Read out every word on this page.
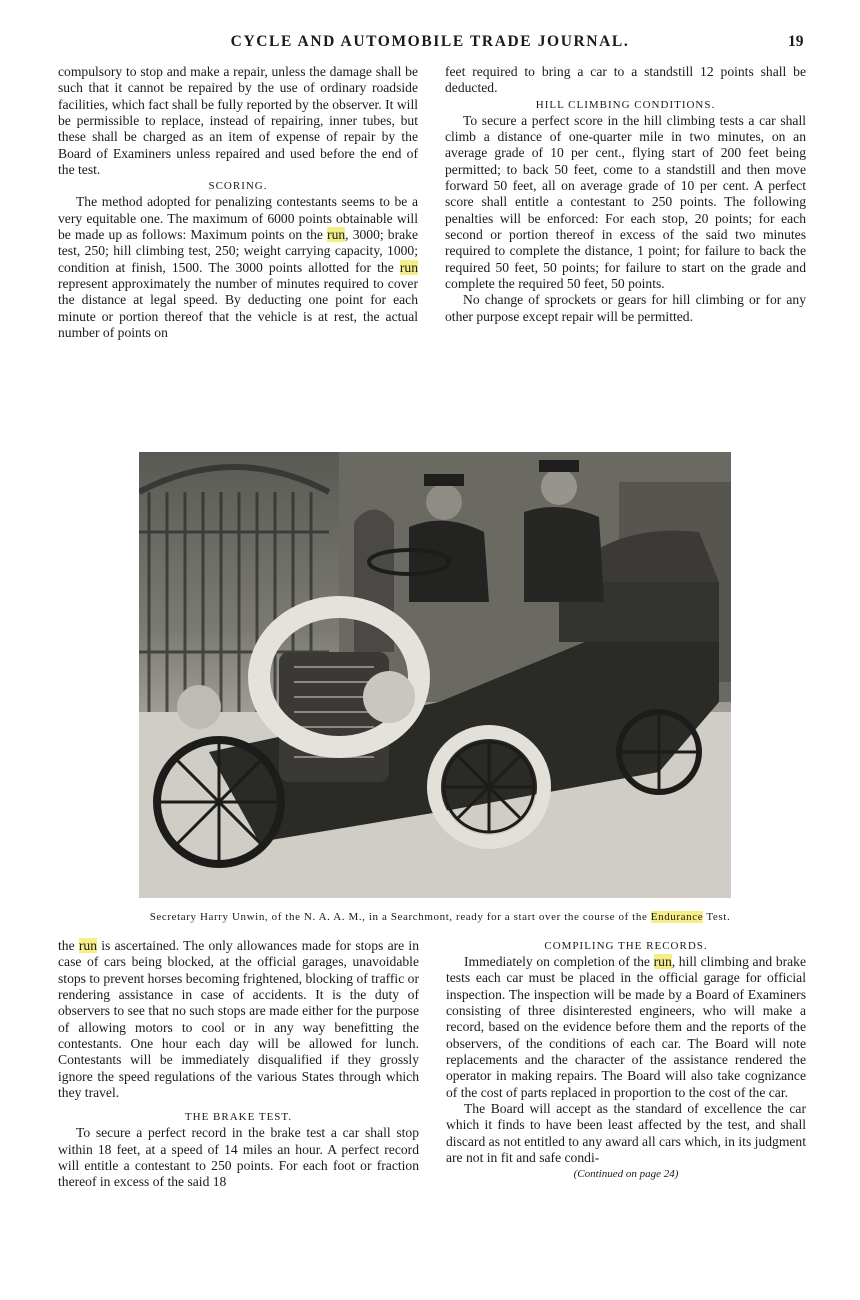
CYCLE AND AUTOMOBILE TRADE JOURNAL.	19

compulsory to stop and make a repair, unless the damage shall be such that it cannot be repaired by the use of ordinary roadside facilities, which fact shall be fully reported by the observer. It will be permissible to replace, instead of repairing, inner tubes, but these shall be charged as an item of expense of repair by the Board of Examiners unless repaired and used before the end of the test.

SCORING.

The method adopted for penalizing contestants seems to be a very equitable one. The maximum of 6000 points obtainable will be made up as follows: Maximum points on the run, 3000; brake test, 250; hill climbing test, 250; weight carrying capacity, 1000; condition at finish, 1500. The 3000 points allotted for the run represent approximately the number of minutes required to cover the distance at legal speed. By deducting one point for each minute or portion thereof that the vehicle is at rest, the actual number of points on

feet required to bring a car to a standstill 12 points shall be deducted.

HILL CLIMBING CONDITIONS.

To secure a perfect score in the hill climbing tests a car shall climb a distance of one-quarter mile in two minutes, on an average grade of 10 per cent., flying start of 200 feet being permitted; to back 50 feet, come to a standstill and then move forward 50 feet, all on average grade of 10 per cent. A perfect score shall entitle a contestant to 250 points. The following penalties will be enforced: For each stop, 20 points; for each second or portion thereof in excess of the said two minutes required to complete the distance, 1 point; for failure to back the required 50 feet, 50 points; for failure to start on the grade and complete the required 50 feet, 50 points.

No change of sprockets or gears for hill climbing or for any other purpose except repair will be permitted.

Secretary Harry Unwin, of the N. A. A. M., in a Searchmont, ready for a start over the course of the Endurance Test.

the run is ascertained. The only allowances made for stops are in case of cars being blocked, at the official garages, unavoidable stops to prevent horses becoming frightened, blocking of traffic or rendering assistance in case of accidents. It is the duty of observers to see that no such stops are made either for the purpose of allowing motors to cool or in any way benefitting the contestants. One hour each day will be allowed for lunch. Contestants will be immediately disqualified if they grossly ignore the speed regulations of the various States through which they travel.

THE BRAKE TEST.

To secure a perfect record in the brake test a car shall stop within 18 feet, at a speed of 14 miles an hour. A perfect record will entitle a contestant to 250 points. For each foot or fraction thereof in excess of the said 18

COMPILING THE RECORDS.

Immediately on completion of the run, hill climbing and brake tests each car must be placed in the official garage for official inspection. The inspection will be made by a Board of Examiners consisting of three disinterested engineers, who will make a record, based on the evidence before them and the reports of the observers, of the conditions of each car. The Board will note replacements and the character of the assistance rendered the operator in making repairs. The Board will also take cognizance of the cost of parts replaced in proportion to the cost of the car.

The Board will accept as the standard of excellence the car which it finds to have been least affected by the test, and shall discard as not entitled to any award all cars which, in its judgment are not in fit and safe condi-

(Continued on page 24)
